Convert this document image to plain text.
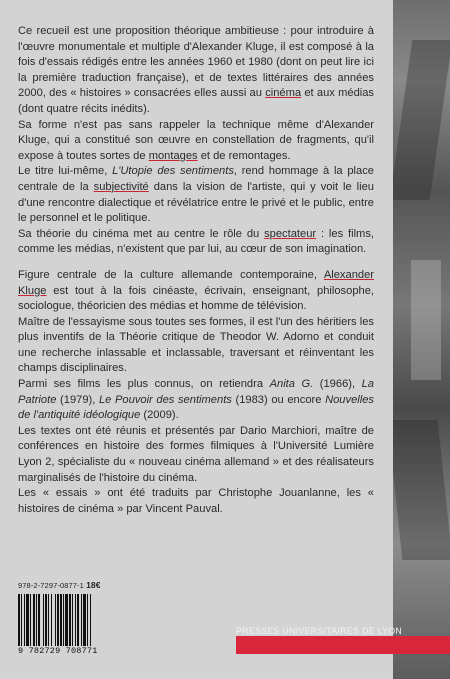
Ce recueil est une proposition théorique ambitieuse : pour introduire à l'œuvre monumentale et multiple d'Alexander Kluge, il est composé à la fois d'essais rédigés entre les années 1960 et 1980 (dont on peut lire ici la première traduction française), et de textes littéraires des années 2000, des « histoires » consacrées elles aussi au cinéma et aux médias (dont quatre récits inédits).

Sa forme n'est pas sans rappeler la technique même d'Alexander Kluge, qui a constitué son œuvre en constellation de fragments, qu'il expose à toutes sortes de montages et de remontages.

Le titre lui-même, L'Utopie des sentiments, rend hommage à la place centrale de la subjectivité dans la vision de l'artiste, qui y voit le lieu d'une rencontre dialectique et révélatrice entre le privé et le public, entre le personnel et le politique.

Sa théorie du cinéma met au centre le rôle du spectateur : les films, comme les médias, n'existent que par lui, au cœur de son imagination.

Figure centrale de la culture allemande contemporaine, Alexander Kluge est tout à la fois cinéaste, écrivain, enseignant, philosophe, sociologue, théoricien des médias et homme de télévision.

Maître de l'essayisme sous toutes ses formes, il est l'un des héritiers les plus inventifs de la Théorie critique de Theodor W. Adorno et conduit une recherche inlassable et inclassable, traversant et réinventant les champs disciplinaires.

Parmi ses films les plus connus, on retiendra Anita G. (1966), La Patriote (1979), Le Pouvoir des sentiments (1983) ou encore Nouvelles de l'antiquité idéologique (2009).

Les textes ont été réunis et présentés par Dario Marchiori, maître de conférences en histoire des formes filmiques à l'Université Lumière Lyon 2, spécialiste du « nouveau cinéma allemand » et des réalisateurs marginalisés de l'histoire du cinéma.

Les « essais » ont été traduits par Christophe Jouanlanne, les « histoires de cinéma » par Vincent Pauval.

978-2-7297-0877-1 18€
9 782729 708771
PRESSES UNIVERSITAIRES DE LYON
